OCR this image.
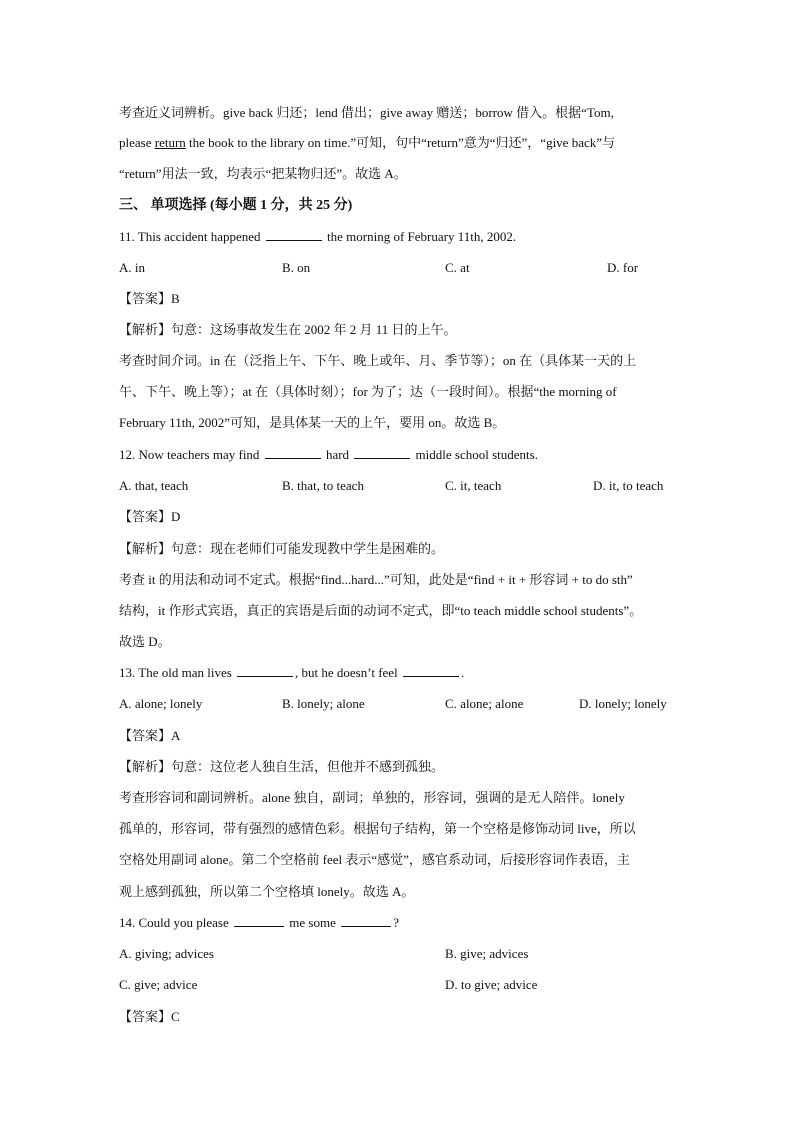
考查近义词辨析。give back 归还；lend 借出；give away 赠送；borrow 借入。根据“Tom,
please return the book to the library on time.”可知，句中“return”意为“归还”，“give back”与
“return”用法一致，均表示“把某物归还”。故选 A。
三、 单项选择 (每小题 1 分，共 25 分)
11. This accident happened	the morning of February 11th, 2002.
A. in	B. on	C. at	D. for
【答案】B
【解析】句意：这场事故发生在 2002 年 2 月 11 日的上午。
考查时间介词。in 在（泛指上午、下午、晚上或年、月、季节等）；on 在（具体某一天的上
午、下午、晚上等）；at 在（具体时刻）；for 为了；达（一段时间）。根据“the morning of
February 11th, 2002”可知，是具体某一天的上午，要用 on。故选 B。
12. Now teachers may find	hard	middle school students.
A. that, teach	B. that, to teach	C. it, teach	D. it, to teach
【答案】D
【解析】句意：现在老师们可能发现教中学生是困难的。
考查 it 的用法和动词不定式。根据“find...hard...”可知，此处是“find + it + 形容词 + to do sth”
结构，it 作形式宾语，真正的宾语是后面的动词不定式，即“to teach middle school students”。
故选 D。
13. The old man lives	, but he doesn’t feel	.
A. alone; lonely	B. lonely; alone	C. alone; alone	D. lonely; lonely
【答案】A
【解析】句意：这位老人独自生活，但他并不感到孤独。
考查形容词和副词辨析。alone 独自，副词；单独的，形容词，强调的是无人陪伴。lonely
孤单的，形容词，带有强烈的感情色彩。根据句子结构，第一个空格是修饰动词 live，所以
空格处用副词 alone。第二个空格前 feel 表示“感觉”，感官系动词，后接形容词作表语，主
观上感到孤独，所以第二个空格填 lonely。故选 A。
14. Could you please	me some	?
A. giving; advices	B. give; advices
C. give; advice	D. to give; advice
【答案】C
